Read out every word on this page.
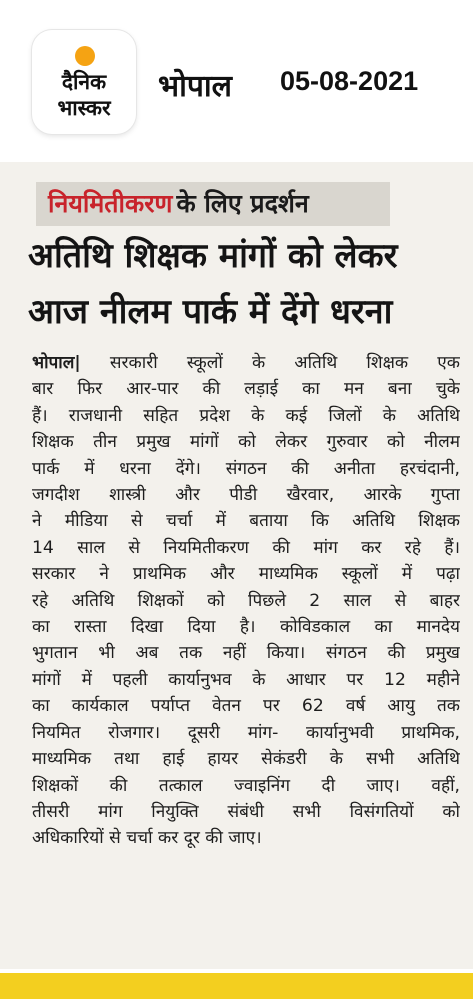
दैनिक
भास्कर
भोपाल 05-08-2021
नियमितीकरण के लिए प्रदर्शन
अतिथि शिक्षक मांगों को लेकर
आज नीलम पार्क में देंगे धरना
भोपाल| सरकारी स्कूलों के अतिथि शिक्षक एक
बार फिर आर-पार की लड़ाई का मन बना चुके
हैं। राजधानी सहित प्रदेश के कई जिलों के अतिथि
शिक्षक तीन प्रमुख मांगों को लेकर गुरुवार को नीलम
पार्क में धरना देंगे। संगठन की अनीता हरचंदानी,
जगदीश शास्त्री और पीडी खैरवार, आरके गुप्ता
ने मीडिया से चर्चा में बताया कि अतिथि शिक्षक
14 साल से नियमितीकरण की मांग कर रहे हैं।
सरकार ने प्राथमिक और माध्यमिक स्कूलों में पढ़ा
रहे अतिथि शिक्षकों को पिछले 2 साल से बाहर
का रास्ता दिखा दिया है। कोविडकाल का मानदेय
भुगतान भी अब तक नहीं किया। संगठन की प्रमुख
मांगों में पहली कार्यानुभव के आधार पर 12 महीने
का कार्यकाल पर्याप्त वेतन पर 62 वर्ष आयु तक
नियमित रोजगार। दूसरी मांग- कार्यानुभवी प्राथमिक,
माध्यमिक तथा हाई हायर सेकंडरी के सभी अतिथि
शिक्षकों की तत्काल ज्वाइनिंग दी जाए। वहीं,
तीसरी मांग नियुक्ति संबंधी सभी विसंगतियों को
अधिकारियों से चर्चा कर दूर की जाए।
